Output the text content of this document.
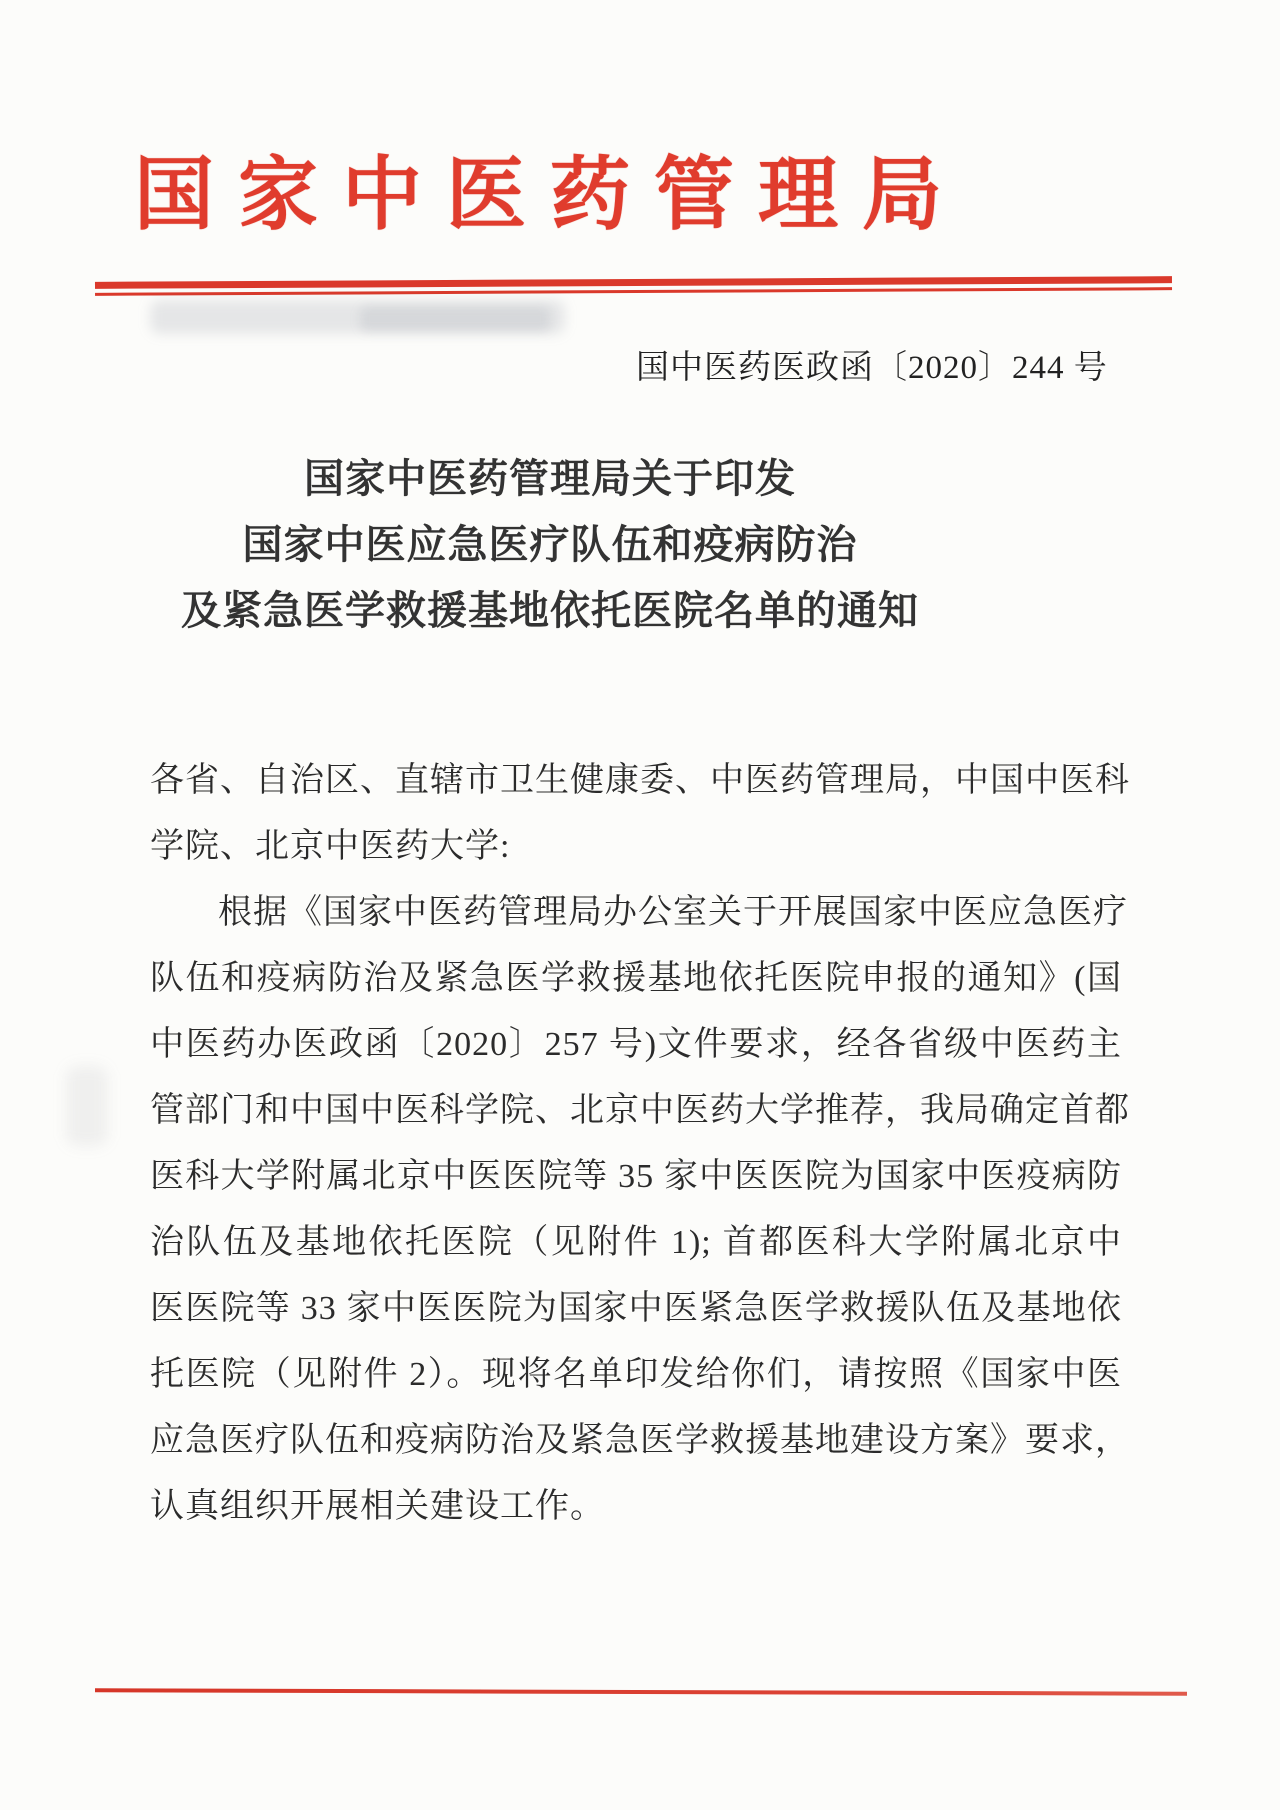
国家中医药管理局
国中医药医政函〔2020〕244 号
国家中医药管理局关于印发
国家中医应急医疗队伍和疫病防治
及紧急医学救援基地依托医院名单的通知
各省、自治区、直辖市卫生健康委、中医药管理局，中国中医科
学院、北京中医药大学:
根据《国家中医药管理局办公室关于开展国家中医应急医疗
队伍和疫病防治及紧急医学救援基地依托医院申报的通知》(国
中医药办医政函〔2020〕257 号)文件要求，经各省级中医药主
管部门和中国中医科学院、北京中医药大学推荐，我局确定首都
医科大学附属北京中医医院等 35 家中医医院为国家中医疫病防
治队伍及基地依托医院（见附件 1); 首都医科大学附属北京中
医医院等 33 家中医医院为国家中医紧急医学救援队伍及基地依
托医院（见附件 2）。现将名单印发给你们，请按照《国家中医
应急医疗队伍和疫病防治及紧急医学救援基地建设方案》要求，
认真组织开展相关建设工作。
